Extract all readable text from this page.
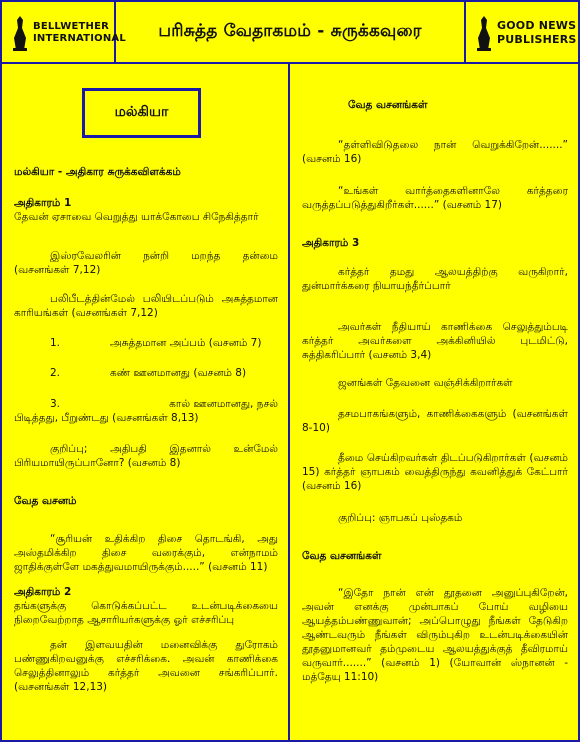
BELLWETHER
INTERNATIONAL பரிசுத்த வேதாகமம் - சுருக்கவுரை	GOOD NEWS
PUBLISHERS
மல்கியா
மல்கியா - அதிகார சுருக்கவிளக்கம்
அதிகாரம் 1
தேவன் ஏசாவை வெறுத்து யாக்கோபை சிநேகித்தார்
இஸ்ரவேலரின் நன்றி மறந்த தன்மை (வசனங்கள் 7,12)
பலிபீடத்தின்மேல் பலியிடப்படும் அசுத்தமான காரியங்கள் (வசனங்கள் 7,12)
1.	அசுத்தமான அப்பம் (வசனம் 7)
2.	கண் ஊனமானது (வசனம் 8)
3.	கால் ஊனமானது, நசல்
பிடித்தது, பீறுண்டது (வசனங்கள் 8,13)
குறிப்பு; அதிபதி இதனால் உன்மேல் பிரியமாயிருப்பானோ? (வசனம் 8)
வேத வசனம்
“சூரியன் உதிக்கிற திசை தொடங்கி, அது அஸ்தமிக்கிற திசை வரைக்கும், என்நாமம் ஜாதிக்குள்ளே மகத்துவமாயிருக்கும்.....” (வசனம் 11)
அதிகாரம் 2
தங்களுக்கு கொடுக்கப்பட்ட உடன்படிக்கையை நிறைவேற்றாத ஆசாரியர்களுக்கு ஓர் எச்சரிப்பு
தன் இளவயதின் மனைவிக்கு துரோகம் பண்ணுகிறவனுக்கு எச்சரிக்கை. அவன் காணிக்கை செலுத்தினாலும் கர்த்தர் அவனை சங்கரிப்பார். (வசனங்கள் 12,13)
வேத வசனங்கள்
“தள்ளிவிடுதலை நான் வெறுக்கிறேன்.......” (வசனம் 16)
“உங்கள் வார்த்தைகளினாலே கர்த்தரை வருத்தப்படுத்துகிறீர்கள்......” (வசனம் 17)
அதிகாரம் 3
கர்த்தர் தமது ஆலயத்திற்கு வருகிறார், துன்மார்க்கரை நியாயந்தீர்ப்பார்
அவர்கள் நீதியாய் காணிக்கை செலுத்தும்படி கர்த்தர் அவர்களை அக்கினியில் புடமிட்டு, சுத்திகரிப்பார் (வசனம் 3,4)
ஜனங்கள் தேவனை வஞ்சிக்கிறார்கள்
தசமபாகங்களும், காணிக்கைகளும் (வசனங்கள் 8-10)
தீமை செய்கிறவர்கள் திடப்படுகிறார்கள் (வசனம் 15) கர்த்தர் ஞாபகம் வைத்திருந்து கவனித்துக் கேட்பார் (வசனம் 16)
குறிப்பு: ஞாபகப் புஸ்தகம்
வேத வசனங்கள்
“இதோ நான் என் தூதனை அனுப்புகிறேன், அவன் எனக்கு முன்பாகப் போய் வழியை ஆயத்தம்பண்ணுவான்; அப்பொழுது நீங்கள் தேடுகிற ஆண்டவரும் நீங்கள் விரும்புகிற உடன்படிக்கையின் தூதனுமானவர் தம்முடைய ஆலயத்துக்குத் தீவிரமாய் வருவார்.......” (வசனம் 1) (யோவான் ஸ்நானன் - மத்தேயு 11:10)
